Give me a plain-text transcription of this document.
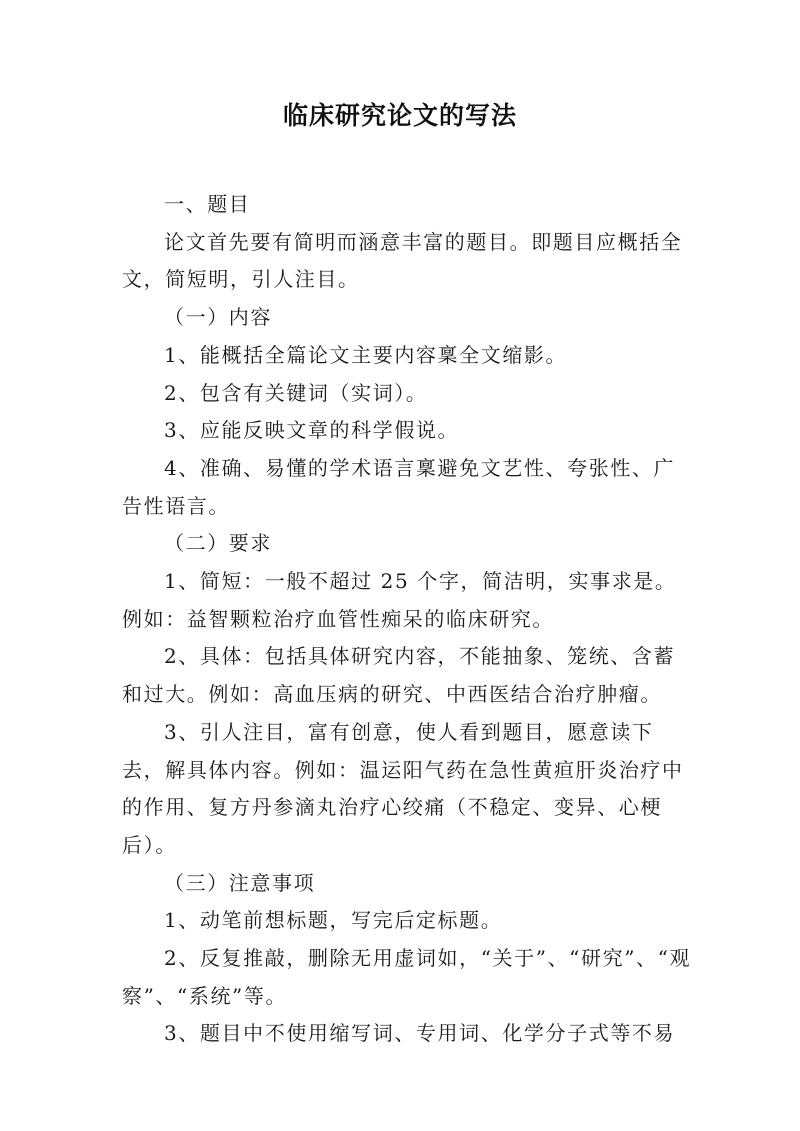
临床研究论文的写法

一、题目

论文首先要有简明而涵意丰富的题目。即题目应概括全文，简短明，引人注目。

（一）内容

1、能概括全篇论文主要内容稟全文缩影。

2、包含有关键词（实词）。

3、应能反映文章的科学假说。

4、准确、易懂的学术语言稟避免文艺性、夸张性、广告性语言。

（二）要求

1、简短：一般不超过 25 个字，简洁明，实事求是。例如：益智颗粒治疗血管性痴呆的临床研究。

2、具体：包括具体研究内容，不能抽象、笼统、含蓄和过大。例如：高血压病的研究、中西医结合治疗肿瘤。

3、引人注目，富有创意，使人看到题目，愿意读下去，解具体内容。例如：温运阳气药在急性黄疸肝炎治疗中的作用、复方丹参滴丸治疗心绞痛（不稳定、变异、心梗后）。

（三）注意事项

1、动笔前想标题，写完后定标题。

2、反复推敲，删除无用虚词如，“关于”、“研究”、“观察”、“系统”等。

3、题目中不使用缩写词、专用词、化学分子式等不易
